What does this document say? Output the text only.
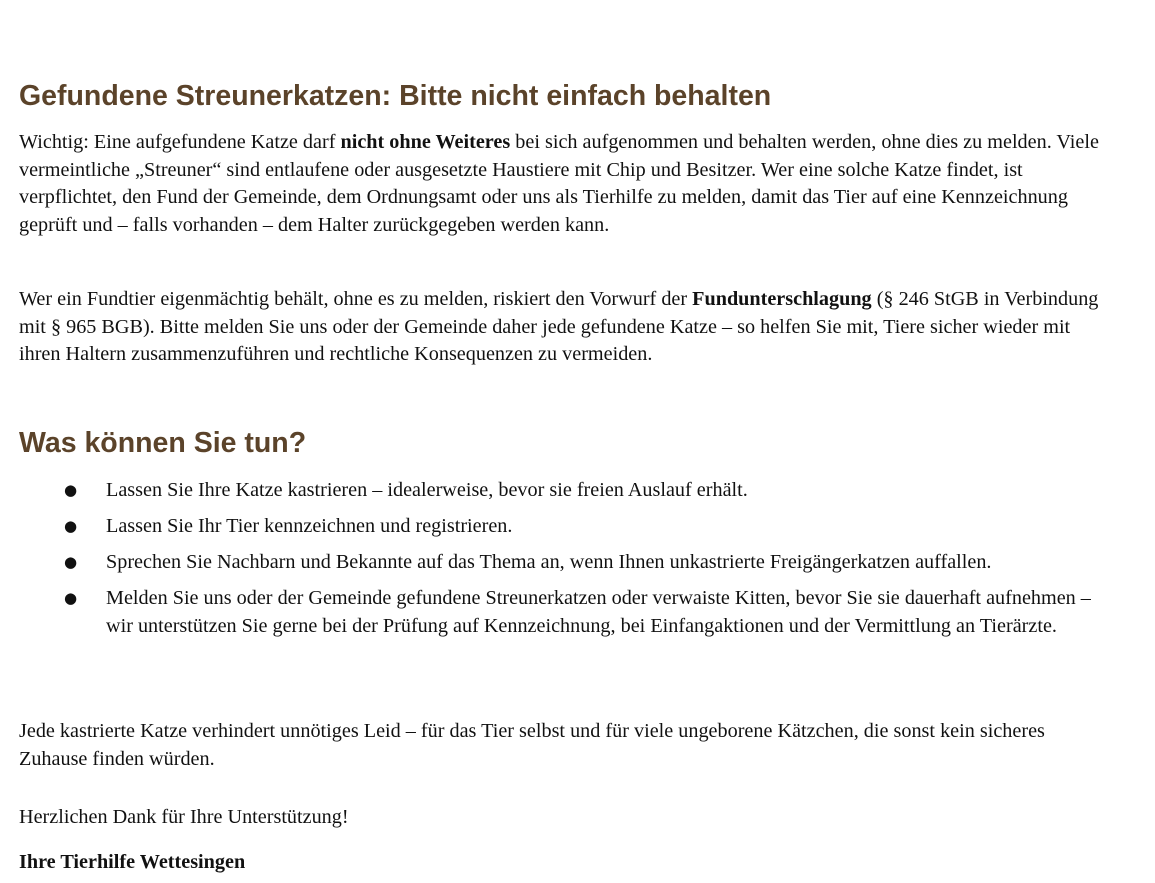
Gefundene Streunerkatzen: Bitte nicht einfach behalten

Wichtig: Eine aufgefundene Katze darf nicht ohne Weiteres bei sich aufgenommen und behalten werden, ohne dies zu melden. Viele vermeintliche „Streuner“ sind entlaufene oder ausgesetzte Haustiere mit Chip und Besitzer. Wer eine solche Katze findet, ist verpflichtet, den Fund der Gemeinde, dem Ordnungsamt oder uns als Tierhilfe zu melden, damit das Tier auf eine Kennzeichnung geprüft und – falls vorhanden – dem Halter zurückgegeben werden kann.

Wer ein Fundtier eigenmächtig behält, ohne es zu melden, riskiert den Vorwurf der Fundunterschlagung (§ 246 StGB in Verbindung mit § 965 BGB). Bitte melden Sie uns oder der Gemeinde daher jede gefundene Katze – so helfen Sie mit, Tiere sicher wieder mit ihren Haltern zusammenzuführen und rechtliche Konsequenzen zu vermeiden.

Was können Sie tun?
● Lassen Sie Ihre Katze kastrieren – idealerweise, bevor sie freien Auslauf erhält.
● Lassen Sie Ihr Tier kennzeichnen und registrieren.
● Sprechen Sie Nachbarn und Bekannte auf das Thema an, wenn Ihnen unkastrierte Freigängerkatzen auffallen.
● Melden Sie uns oder der Gemeinde gefundene Streunerkatzen oder verwaiste Kitten, bevor Sie sie dauerhaft aufnehmen – wir unterstützen Sie gerne bei der Prüfung auf Kennzeichnung, bei Einfangaktionen und der Vermittlung an Tierärzte.

Jede kastrierte Katze verhindert unnötiges Leid – für das Tier selbst und für viele ungeborene Kätzchen, die sonst kein sicheres Zuhause finden würden.

Herzlichen Dank für Ihre Unterstützung!

Ihre Tierhilfe Wettesingen
